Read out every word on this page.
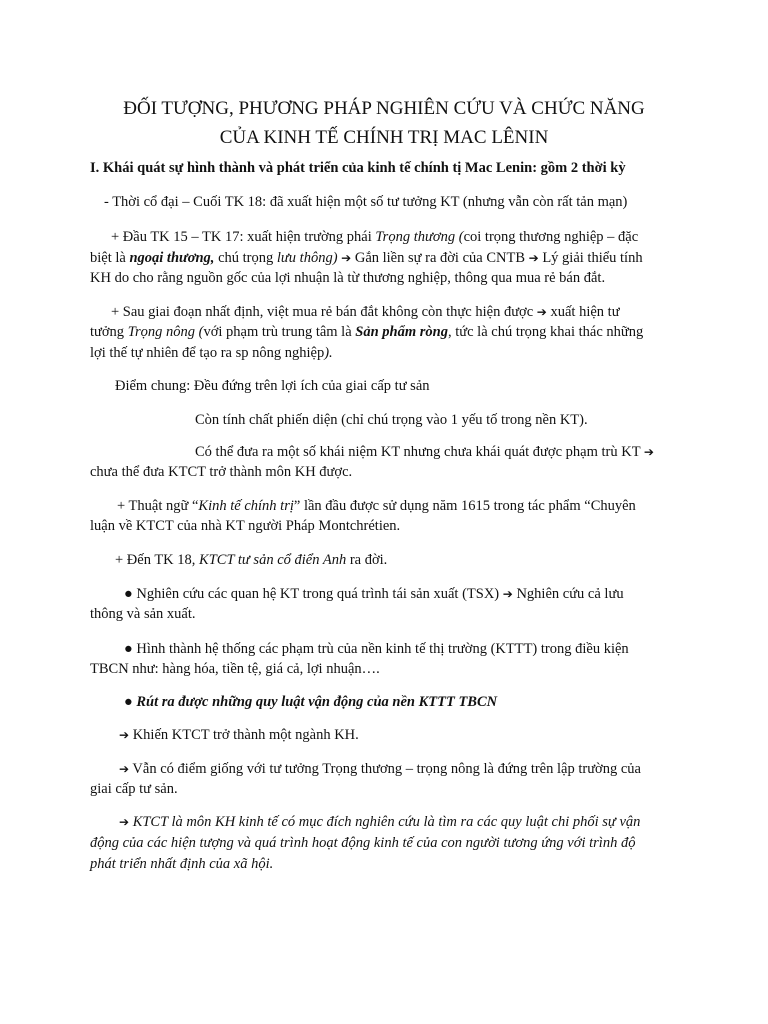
ĐỐI TƯỢNG, PHƯƠNG PHÁP NGHIÊN CỨU VÀ CHỨC NĂNG
CỦA KINH TẾ CHÍNH TRỊ MAC LÊNIN
I. Khái quát sự hình thành và phát triển của kinh tế chính tị Mac Lenin: gồm 2 thời kỳ
- Thời cổ đại – Cuối TK 18: đã xuất hiện một số tư tưởng KT (nhưng vẫn còn rất tản mạn)
+ Đầu TK 15 – TK 17: xuất hiện trường phái Trọng thương (coi trọng thương nghiệp – đặc
biệt là ngoại thương, chú trọng lưu thông) ➔ Gắn liền sự ra đời của CNTB ➔ Lý giải thiểu tính
KH do cho rằng nguồn gốc của lợi nhuận là từ thương nghiệp, thông qua mua rẻ bán đắt.
+ Sau giai đoạn nhất định, việt mua rẻ bán đắt không còn thực hiện được ➔ xuất hiện tư
tưởng Trọng nông (với phạm trù trung tâm là Sản phẩm ròng, tức là chú trọng khai thác những
lợi thế tự nhiên để tạo ra sp nông nghiệp).
Điểm chung: Đều đứng trên lợi ích của giai cấp tư sản
Còn tính chất phiến diện (chỉ chú trọng vào 1 yếu tố trong nền KT).
Có thể đưa ra một số khái niệm KT nhưng chưa khái quát được phạm trù KT ➔
chưa thể đưa KTCT trở thành môn KH được.
+ Thuật ngữ “Kinh tế chính trị” lần đầu được sử dụng năm 1615 trong tác phẩm “Chuyên
luận về KTCT của nhà KT người Pháp Montchrétien.
+ Đến TK 18, KTCT tư sản cổ điển Anh ra đời.
● Nghiên cứu các quan hệ KT trong quá trình tái sản xuất (TSX) ➔ Nghiên cứu cả lưu
thông và sản xuất.
● Hình thành hệ thống các phạm trù của nền kinh tế thị trường (KTTT) trong điều kiện
TBCN như: hàng hóa, tiền tệ, giá cả, lợi nhuận….
● Rút ra được những quy luật vận động của nền KTTT TBCN
➔ Khiến KTCT trở thành một ngành KH.
➔ Vẫn có điểm giống với tư tưởng Trọng thương – trọng nông là đứng trên lập trường của
giai cấp tư sản.
➔ KTCT là môn KH kinh tế có mục đích nghiên cứu là tìm ra các quy luật chi phối sự vận
động của các hiện tượng và quá trình hoạt động kinh tế của con người tương ứng với trình độ
phát triển nhất định của xã hội.
